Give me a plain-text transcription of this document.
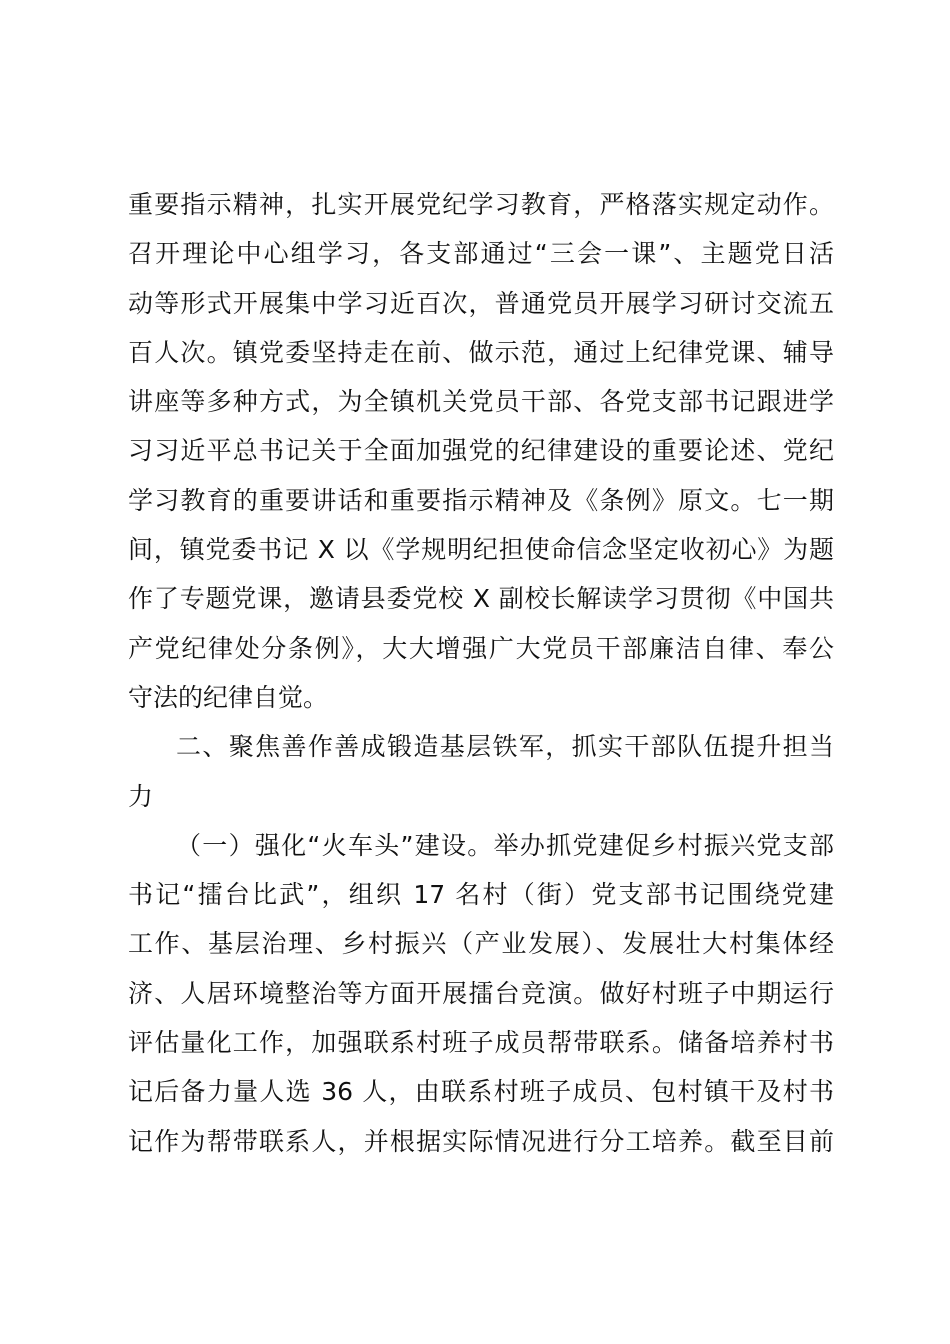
重要指示精神，扎实开展党纪学习教育，严格落实规定动作。
召开理论中心组学习，各支部通过“三会一课”、主题党日活
动等形式开展集中学习近百次，普通党员开展学习研讨交流五
百人次。镇党委坚持走在前、做示范，通过上纪律党课、辅导
讲座等多种方式，为全镇机关党员干部、各党支部书记跟进学
习习近平总书记关于全面加强党的纪律建设的重要论述、党纪
学习教育的重要讲话和重要指示精神及《条例》原文。七一期
间，镇党委书记 X 以《学规明纪担使命信念坚定收初心》为题
作了专题党课，邀请县委党校 X 副校长解读学习贯彻《中国共
产党纪律处分条例》，大大增强广大党员干部廉洁自律、奉公
守法的纪律自觉。
二、聚焦善作善成锻造基层铁军，抓实干部队伍提升担当
力
（一）强化“火车头”建设。举办抓党建促乡村振兴党支部
书记“擂台比武”，组织 17 名村（街）党支部书记围绕党建
工作、基层治理、乡村振兴（产业发展）、发展壮大村集体经
济、人居环境整治等方面开展擂台竞演。做好村班子中期运行
评估量化工作，加强联系村班子成员帮带联系。储备培养村书
记后备力量人选 36 人，由联系村班子成员、包村镇干及村书
记作为帮带联系人，并根据实际情况进行分工培养。截至目前
